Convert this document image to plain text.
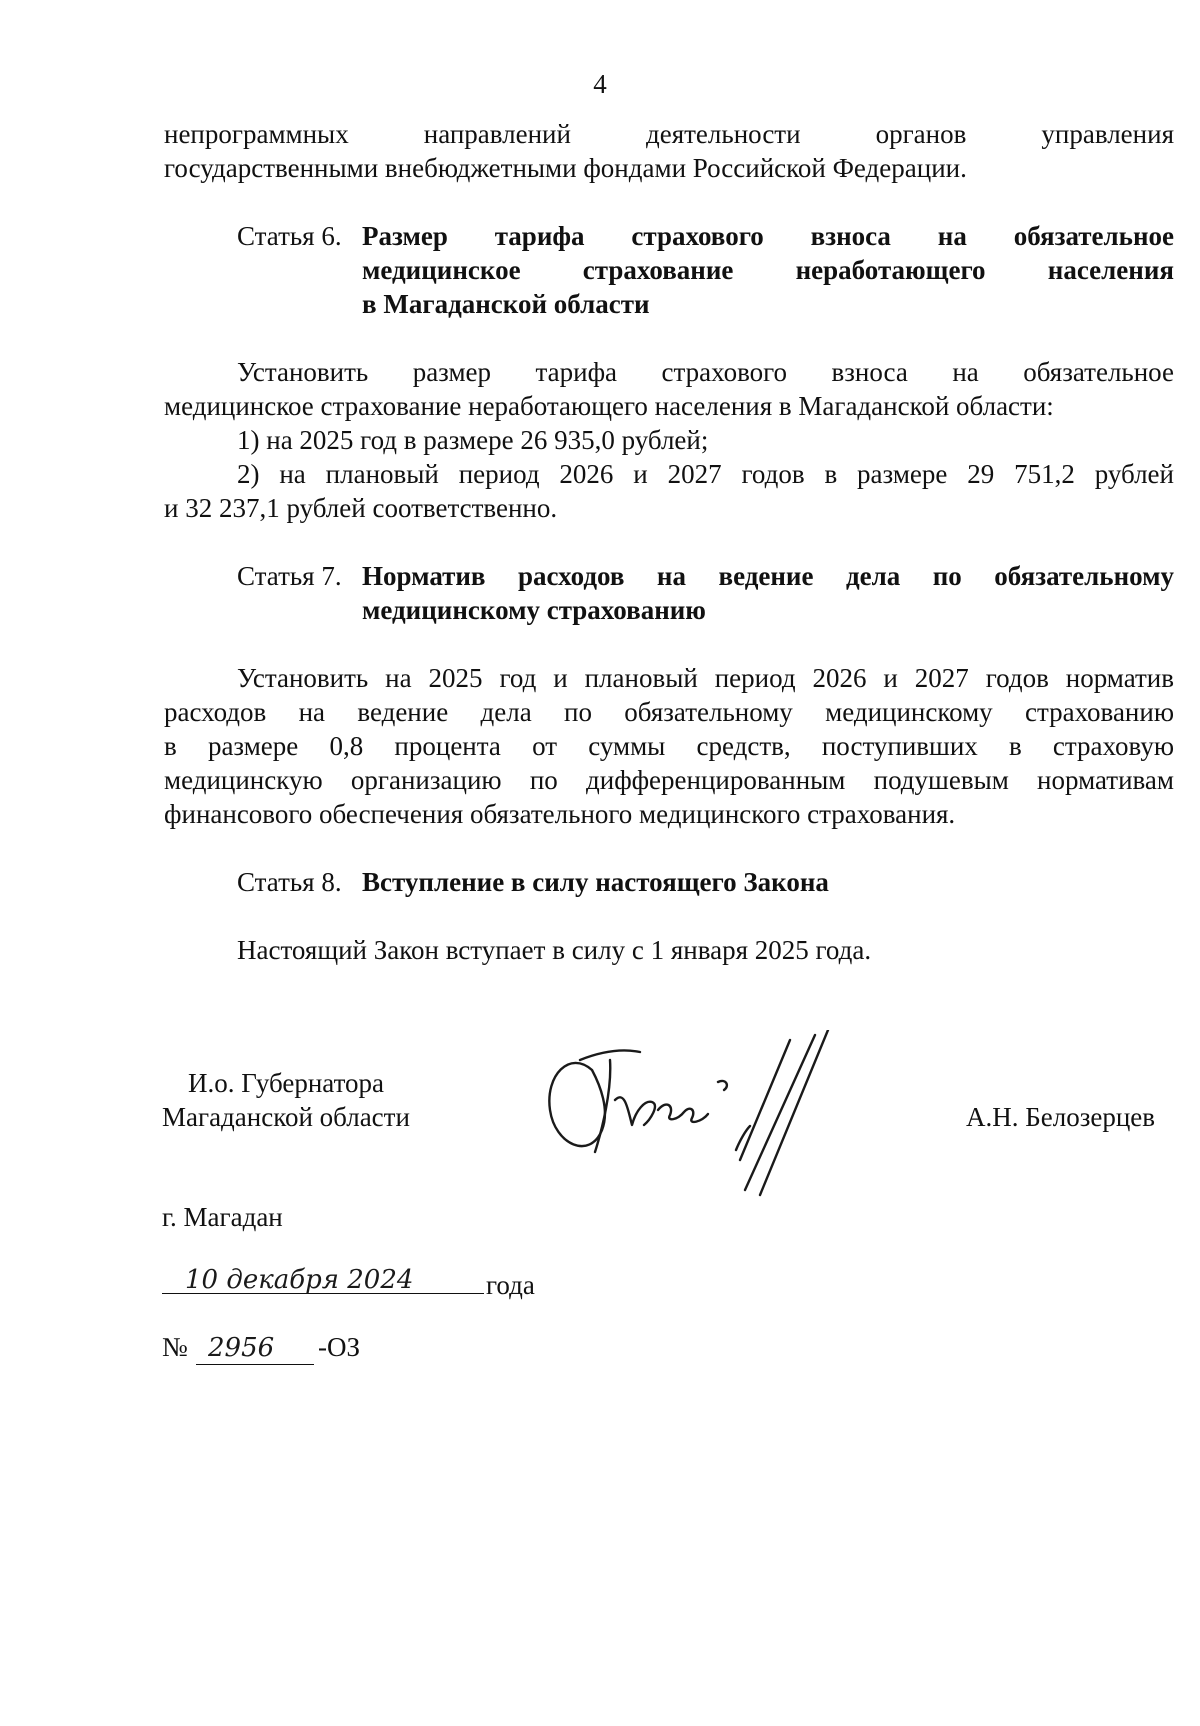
4
непрограммных направлений деятельности органов управления
государственными внебюджетными фондами Российской Федерации.
Статья 6. Размер тарифа страхового взноса на обязательное
медицинское страхование неработающего населения
в Магаданской области
Установить размер тарифа страхового взноса на обязательное
медицинское страхование неработающего населения в Магаданской области:
1) на 2025 год в размере 26 935,0 рублей;
2) на плановый период 2026 и 2027 годов в размере 29 751,2 рублей
и 32 237,1 рублей соответственно.
Статья 7. Норматив расходов на ведение дела по обязательному
медицинскому страхованию
Установить на 2025 год и плановый период 2026 и 2027 годов норматив
расходов на ведение дела по обязательному медицинскому страхованию
в размере 0,8 процента от суммы средств, поступивших в страховую
медицинскую организацию по дифференцированным подушевым нормативам
финансового обеспечения обязательного медицинского страхования.
Статья 8. Вступление в силу настоящего Закона
Настоящий Закон вступает в силу с 1 января 2025 года.
И.о. Губернатора
Магаданской области	А.Н. Белозерцев
г. Магадан
10 декабря 2024	года
№ 2956 -ОЗ
